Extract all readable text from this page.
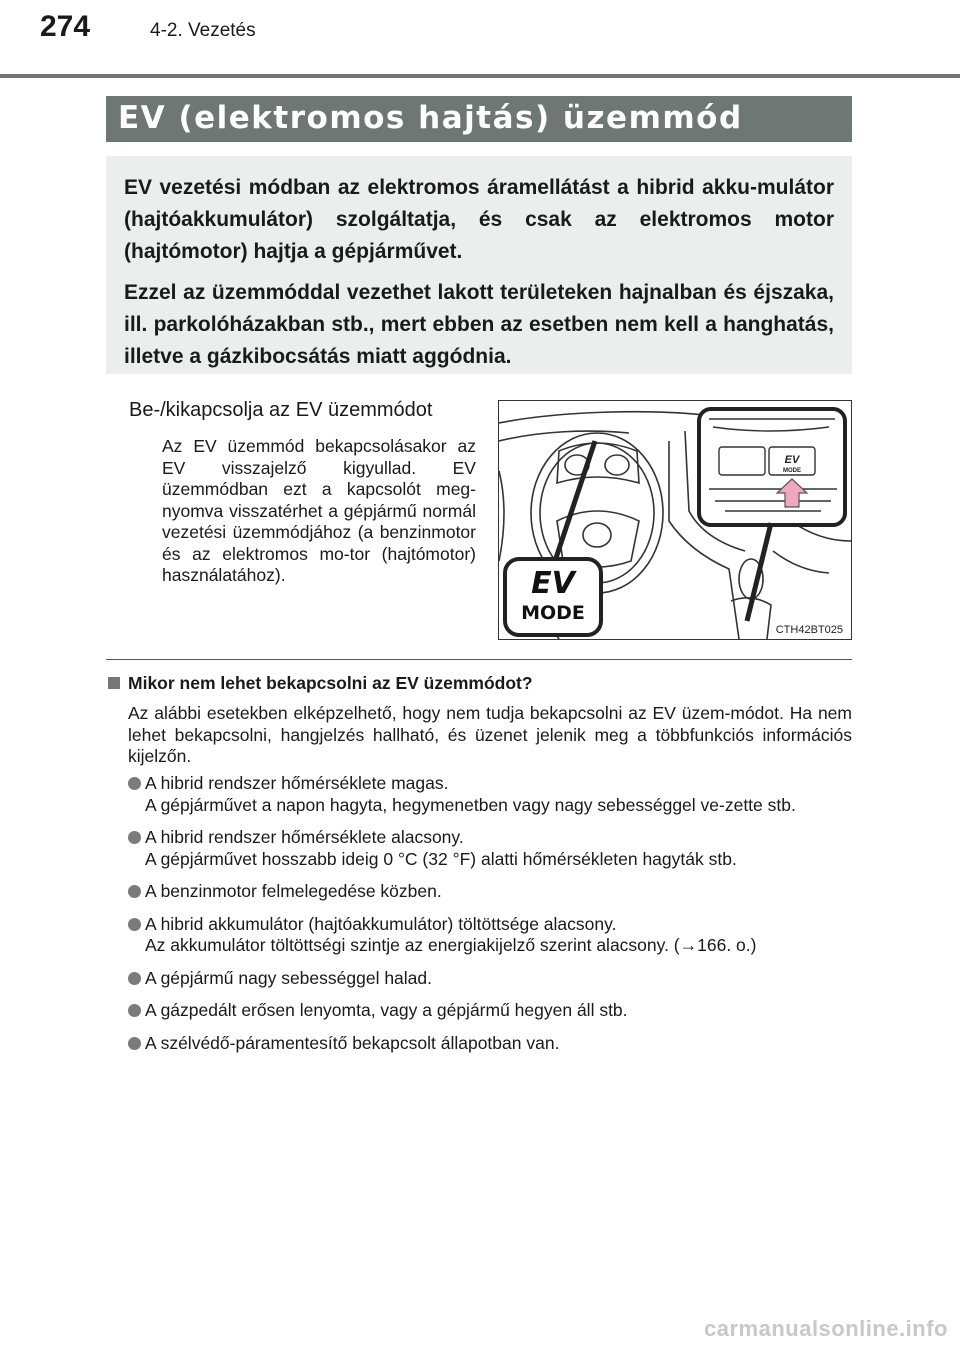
274	4-2. Vezetés
EV (elektromos hajtás) üzemmód

EV vezetési módban az elektromos áramellátást a hibrid akku-mulátor (hajtóakkumulátor) szolgáltatja, és csak az elektromos motor (hajtómotor) hajtja a gépjárművet.

Ezzel az üzemmóddal vezethet lakott területeken hajnalban és éjszaka, ill. parkolóházakban stb., mert ebben az esetben nem kell a hanghatás, illetve a gázkibocsátás miatt aggódnia.

Be-/kikapcsolja az EV üzemmódot
Az EV üzemmód bekapcsolásakor az EV visszajelző kigyullad. EV üzemmódban ezt a kapcsolót meg-nyomva visszatérhet a gépjármű normál vezetési üzemmódjához (a benzinmotor és az elektromos mo-tor (hajtómotor) használatához).
EV
MODE
EV
MODE
CTH42BT025
Mikor nem lehet bekapcsolni az EV üzemmódot?
Az alábbi esetekben elképzelhető, hogy nem tudja bekapcsolni az EV üzem-módot. Ha nem lehet bekapcsolni, hangjelzés hallható, és üzenet jelenik meg a többfunkciós információs kijelzőn.
A hibrid rendszer hőmérséklete magas.
A gépjárművet a napon hagyta, hegymenetben vagy nagy sebességgel ve-zette stb.
A hibrid rendszer hőmérséklete alacsony.
A gépjárművet hosszabb ideig 0 °C (32 °F) alatti hőmérsékleten hagyták stb.
A benzinmotor felmelegedése közben.
A hibrid akkumulátor (hajtóakkumulátor) töltöttsége alacsony.
Az akkumulátor töltöttségi szintje az energiakijelző szerint alacsony. (→166. o.)
A gépjármű nagy sebességgel halad.
A gázpedált erősen lenyomta, vagy a gépjármű hegyen áll stb.
A szélvédő-páramentesítő bekapcsolt állapotban van.
carmanualsonline.info
